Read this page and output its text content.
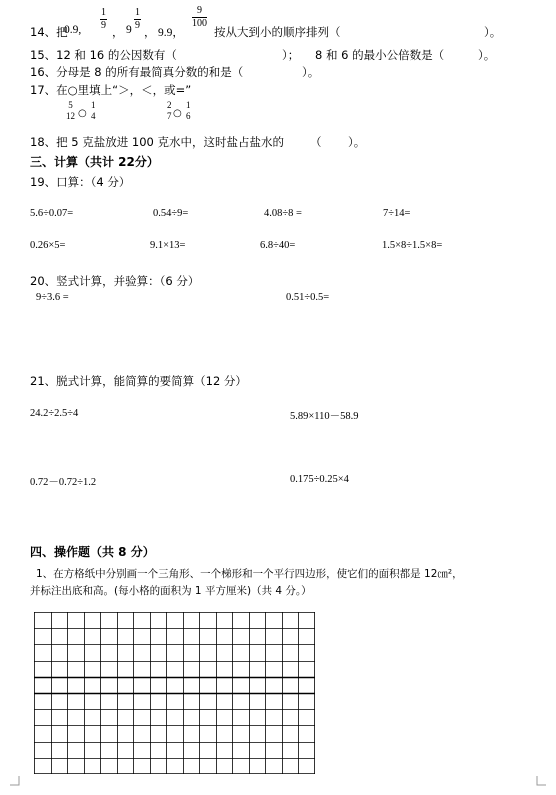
14、把
0.9, $\frac{1}{9}$
， $9 \frac{1}{9}$
， 9.9，
$\frac{9}{100}$
按从大到小的顺序排列（	）。
15、12 和 16 的公因数有（	）； 8 和 6 的最小公倍数是（	）。
16、分母是 8 的所有最简真分数的和是（	）。
17、在○里填上“＞，＜，或=”
5
12 ○
1
4
2
7 ○
1
6
18、把 5 克盐放进 100 克水中，这时盐占盐水的 （ ）。
三、计算（共计 22分）
19、口算：（4 分）
5.6÷0.07=	0.54÷9=	4.08÷8 =	7÷14=
0.26×5=	9.1×13=	6.8÷40=	1.5×8÷1.5×8=
20、竖式计算，并验算：（6 分）
9÷3.6 =	0.51÷0.5=
21、脱式计算，能简算的要简算（12 分）
24.2÷2.5÷4	5.89×110－58.9
0.72－0.72÷1.2	0.175÷0.25×4
四、操作题（共 8 分）
1、在方格纸中分别画一个三角形、一个梯形和一个平行四边形，使它们的面积都是 12㎝²，
并标注出底和高。(每小格的面积为 1 平方厘米)（共 4 分。）
